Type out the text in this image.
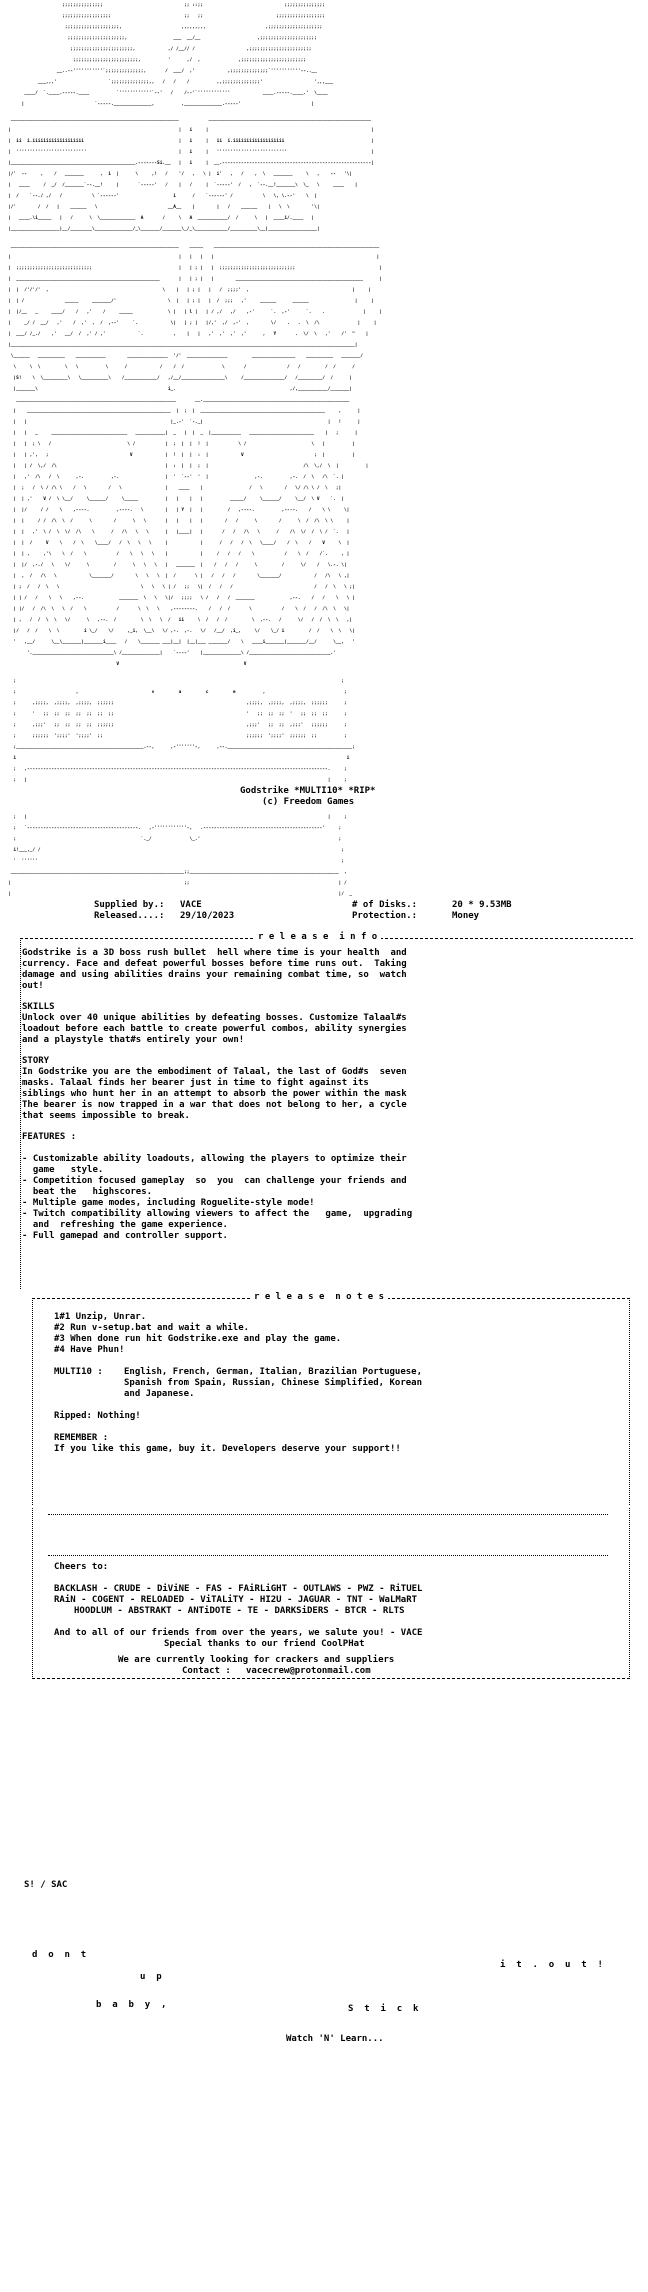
;;;;;;;;;;;;;;;                              ;; ::;;                              ;;;;;;;;;;;;;;;
;;;;;;;;;;;;;;;;;;                           ;;   ;;                           ;;;;;;;;;;;;;;;;;;
;;;;;;;;;;;;;;;;;;;;,                      ,,,,,,,,,                      ,;;;;;;;;;;;;;;;;;;;;
;;;;;;;;;;;;;;;;;;;;;,                 ___  __/__                     ,;;;;;;;;;;;;;;;;;;;;;
;;;;;;;;;;;;;;;;;;;;;;;,            ,/ /__// /                   ,;;;;;;;;;;;;;;;;;;;;;;;
;;;;;;;;;;;;;;;;;;;;;;;;,          '      ,/  ,              ,;;;;;;;;;;;;;;;;;;;;;;;;
__..--'''''''''''`;;;;;;;;;;;;;;,       /  ___/  ,'            ,;;;;;;;;;;;;;;`'''''''''''--..__
___,,,'                   `;;;;;;;;;;;;;;,,   /   /    /          ,,;;;;;;;;;;;;;;'                   ',,,___
____/  `.____.-----.____          `''''''''''''`--'   /    /--'`''''''''''''            ____.-----.____.'  \____
|                          `-----.______________,          ,______________.-----'                          |
______________________________________________________________           ____________________________________________________________
|                                                              |   i     |                                                            |
|  ii  i.iiiiiiiiiiiiiiiiiii                                   |   i     |   ii  i.iiiiiiiiiiiiiiiiiii                                |
|  ''''''''''''''''''''''''''                                  |   i     |   ''''''''''''''''''''''''''                               |
|______________________________________________.-------Si.__   |   i     |  __.-------------------------------------------------------|
|/'  --     ,    /   _______      ,  i  |      \     ,!   /    '/   ,   \ |  i'   ,   /    ,  \   _______     \   ,    --   '\|
|   ____     /  _/  /_______`--.__!     |       `-----'   /    |   /     |  `-----'  /   ,  `--.__!_______\  \_   \     ____    |
|  /    `--./ ,/   /           \ `------'                    i      /    `------' /           \   \, \.--'    \  |
|/'        /  /   |    ______   \                          __A__    |        |   /    ______    |   \  \        '\|
|   ____.\i_____   |   /      \  \_____________  A       /     \   A  ___________/  /      \   |  ____i/.____   |
|__________________|__/________\______________/_\_______/_______\_/_\____________/__________\__|__________________|
______________________________________________________________    _____    _____________________________________________________________
|                                                              |   |   |   |                                                            |
|  ;;;;;;;;;;;;;;;;;;;;;;;;;;;;                                |   | ; |   |  ;;;;;;;;;;;;;;;;;;;;;;;;;;;;                               |
|  _____________________________________________________       |   | ; |   |        _______________________________________________      |
|  |  /'/'/'  ,                                          \    |   | ; |   |   /  ;;;;'  ,                                      |     |
|  | /               _____     _______/'                   \  |   | ; |   |  /  ;;;   ,'     ______      ______                 |     |
|  |/__   _     ____/    /   ,'    /     _____             \ |   | l |   | / ,/   ,/    ,-'      `.  ,-'      `.    .              |     |
|     _/ /  __/   ,'    /  ,'  ,  /  ,--'     `.            \|   | ; |   |/,'  ,/  ,-'  ,        \/    .   .  \  /\              |     |
|  ___/ /_./    ,'   __/  /  ,' / ,'            `.           ,    |   |   ,'  ,'  ,'  ,'      ,   Y       .  \/  \   ,'    /'  "    |
|_______________________________________________________________________________________________________________________________|
\______   __________    ___________        _______________  '/'  _______________         ________________    __________   _______/
\     \  \         \   \          \      /            /    /  /              \       /               /   /         /  /      /
|S!    \  \_________\   \__________\    /____________/   ,/__/________________\     /_______________/   /_________/  /      |
|_______\                                                i_.                                          ,/,___________/_______|
___________________________________________________________       __.______________________________________________________
|    _____________________________________________________  |  ;  |  ______________________________________________     ,      |
|   |                                                     |_.-'  `-._|                                              |   !      |
|   |   _     ____________________________   ___________|  _   |  |  _  |___________   ________________________    |   ;      |
|   |  ; \   /                            \ /           |  ;  |  |  !  |           \ /                        \   |          |
|   | ,',   ;                              V            |  !  |  |  :  |            V                          ;  |          |
|   | /  \,/  /\                                        |  :  |  |  ;  |                                   /\  \,/  \  |          |
|   ,'  /\   /  \      ,-.          ,-.                 |  '  `--'  '  |                 ,-.          ,-.  /  \   /\  `. |
|  ;   /  \ / /\ \    /   \        /   \                |    ____    |                 /   \        /   \/ /\ \ /  \   ;|
|  | ,'    V /  \ \__/     \______/     \_____          |   |    |   |          _____/     \______/     \__/  \ V    `.  |
|  |/     / /    \    ,----.          ,----.   \        |   | Y  |   |         /   ,----.          ,----.    /    \ \     \|
|  |     / /  /\  \  /      \        /      \   \       |   |    |   |        /   /      \        /      \  /  /\  \ \     |
|  |   ,'  \ /  \  \/  /\    \      /   /\   \   \      |   |____|   |       /   /   /\   \      /    /\  \/  /  \ /  `.   |
|  |  /     V    \    /  \    \____/   /  \   \   \     |            |      /   /   /  \   \____/    /  \    /    V     \  |
|  | ,     ,'\    \  /    \           /    \   \   \    |            |     /   /   /    \           /    \  /    /`.     , |
|  |/  ,-./   \    \/      \         /      \   \   \   |   _______  |    /   /   /      \         /      \/    /   \.-. \|
|  ,  /   /\   \            \_______/        \   \   \  |  /       \ |   /   /   /        \_______/            /   /\   \ ,|
| ;  /   /  \   \                              \   \   \ | /   ;;   \|  /   /   /                              /   /  \   \ ;|
| | /   /    \   \    ,--.             _______  \   \   \|/   ;;;;   \ /   /   /  _______             ,--.    /   /    \   \ |
| |/   /  /\  \   \  /    \           /       \  \   \    ,--------.    /   /  /       \           /    \  /   /  /\  \   \|
| ,   /  /  \  \   \/      \   ,--.  /         \  \   \  /   ii     \  /   /  /         \  ,--.   /      \/   /  /  \  \   ,|
|/   /  /    \  \         i \_/    \/     ,_i,  \__\   \/ ,-.  ,-.   \/   /__/  ,i_,     \/    \_/ i         /  /    \  \   \|
'   ,__/      \__\_______|_______i____   /    \_______ ___|__|  |__|___ _______/    \   ____i_______|_______/__/      \__,   '
'.______________________________\ /______________|    `----'    |______________\ /______________________________.'
V                                              V
;                                                                                                                        ;
;                      ,                           v         a         c         e          ,                             ;
;      ,;;;;,  ,;;;;,  ,;;;;,  ;;;;;;                                                 ,;;;;,  ,;;;;,  ,;;;;,  ;;;;;;      ;
;      '   ;;  ;;  ;;  ;;  ;;  ;;  ;;                                                 '   ;;  ;;  ;;  '   ;;  ;;  ;;      ;
;      ,;;;'   ;;  ;;  ;;  ;;  ;;;;;;                                                 ,;;;'   ;;  ;;  ,;;;'   ;;;;;;      ;
;      ;;;;;;  ';;;;'  ';;;;'  ;;                                                     ;;;;;;  ';;;;'  ;;;;;;  ;;          ;
;_______________________________________________.--,      ,-'''''''-,      ,--.______________________________________________;
i                                                                                                                          i
;   ,---------------------------------------------------------------------------------------------------------------.     ;
;   |                                                                                                               |     ;
Godstrike *MULTI10* *RIP*
(c) Freedom Games
;   |                                                                                                               |     ;
;   `-----------------------------------------.   ,-''''''''''''-,   .--------------------------------------------'     ;
;                                              `._/              \_.'                                                   ;
i!___,_/ /                                                                                                               ;
'  ''''''                                                                                                                ;
________________________________________________________________;;_______________________________________________________  ,
|                                                                ;;                                                       | /
|                                                                                                                         |/  _
Supplied by.: VACE
Released....: 29/10/2023
# of Disks.:	20 * 9.53MB
Protection.:	Money
r e l e a s e  i n f o
Godstrike is a 3D boss rush bullet  hell where time is your health  and
currency. Face and defeat powerful bosses before time runs out.  Taking
damage and using abilities drains your remaining combat time, so  watch
out!
SKILLS
Unlock over 40 unique abilities by defeating bosses. Customize Talaal#s
loadout before each battle to create powerful combos, ability synergies
and a playstyle that#s entirely your own!
STORY
In Godstrike you are the embodiment of Talaal, the last of God#s  seven
masks. Talaal finds her bearer just in time to fight against its
siblings who hunt her in an attempt to absorb the power within the mask
The bearer is now trapped in a war that does not belong to her, a cycle
that seems impossible to break.
FEATURES :
- Customizable ability loadouts, allowing the players to optimize their
game   style.
- Competition focused gameplay  so  you  can challenge your friends and
beat the   highscores.
- Multiple game modes, including Roguelite-style mode!
- Twitch compatibility allowing viewers to affect the   game,  upgrading
and  refreshing the game experience.
- Full gamepad and controller support.
r e l e a s e  n o t e s
1#1 Unzip, Unrar.
#2 Run v-setup.bat and wait a while.
#3 When done run hit Godstrike.exe and play the game.
#4 Have Phun!
MULTI10 : English, French, German, Italian, Brazilian Portuguese,
Spanish from Spain, Russian, Chinese Simplified, Korean
and Japanese.
Ripped: Nothing!
REMEMBER :
If you like this game, buy it. Developers deserve your support!!
Cheers to:
BACKLASH - CRUDE - DiViNE - FAS - FAiRLiGHT - OUTLAWS - PWZ - RiTUEL
RAiN - COGENT - RELOADED - ViTALiTY - HI2U - JAGUAR - TNT - WaLMaRT
HOODLUM - ABSTRAKT - ANTiDOTE - TE - DARKSiDERS - BTCR - RLTS
And to all of our friends from over the years, we salute you! - VACE
Special thanks to our friend CoolPHat
We are currently looking for crackers and suppliers
Contact : vacecrew@protonmail.com
S! / SAC
d  o  n  t
u  p
b  a  b  y  ,
i  t  .  o  u  t  !
S  t  i  c  k
Watch 'N' Learn...
